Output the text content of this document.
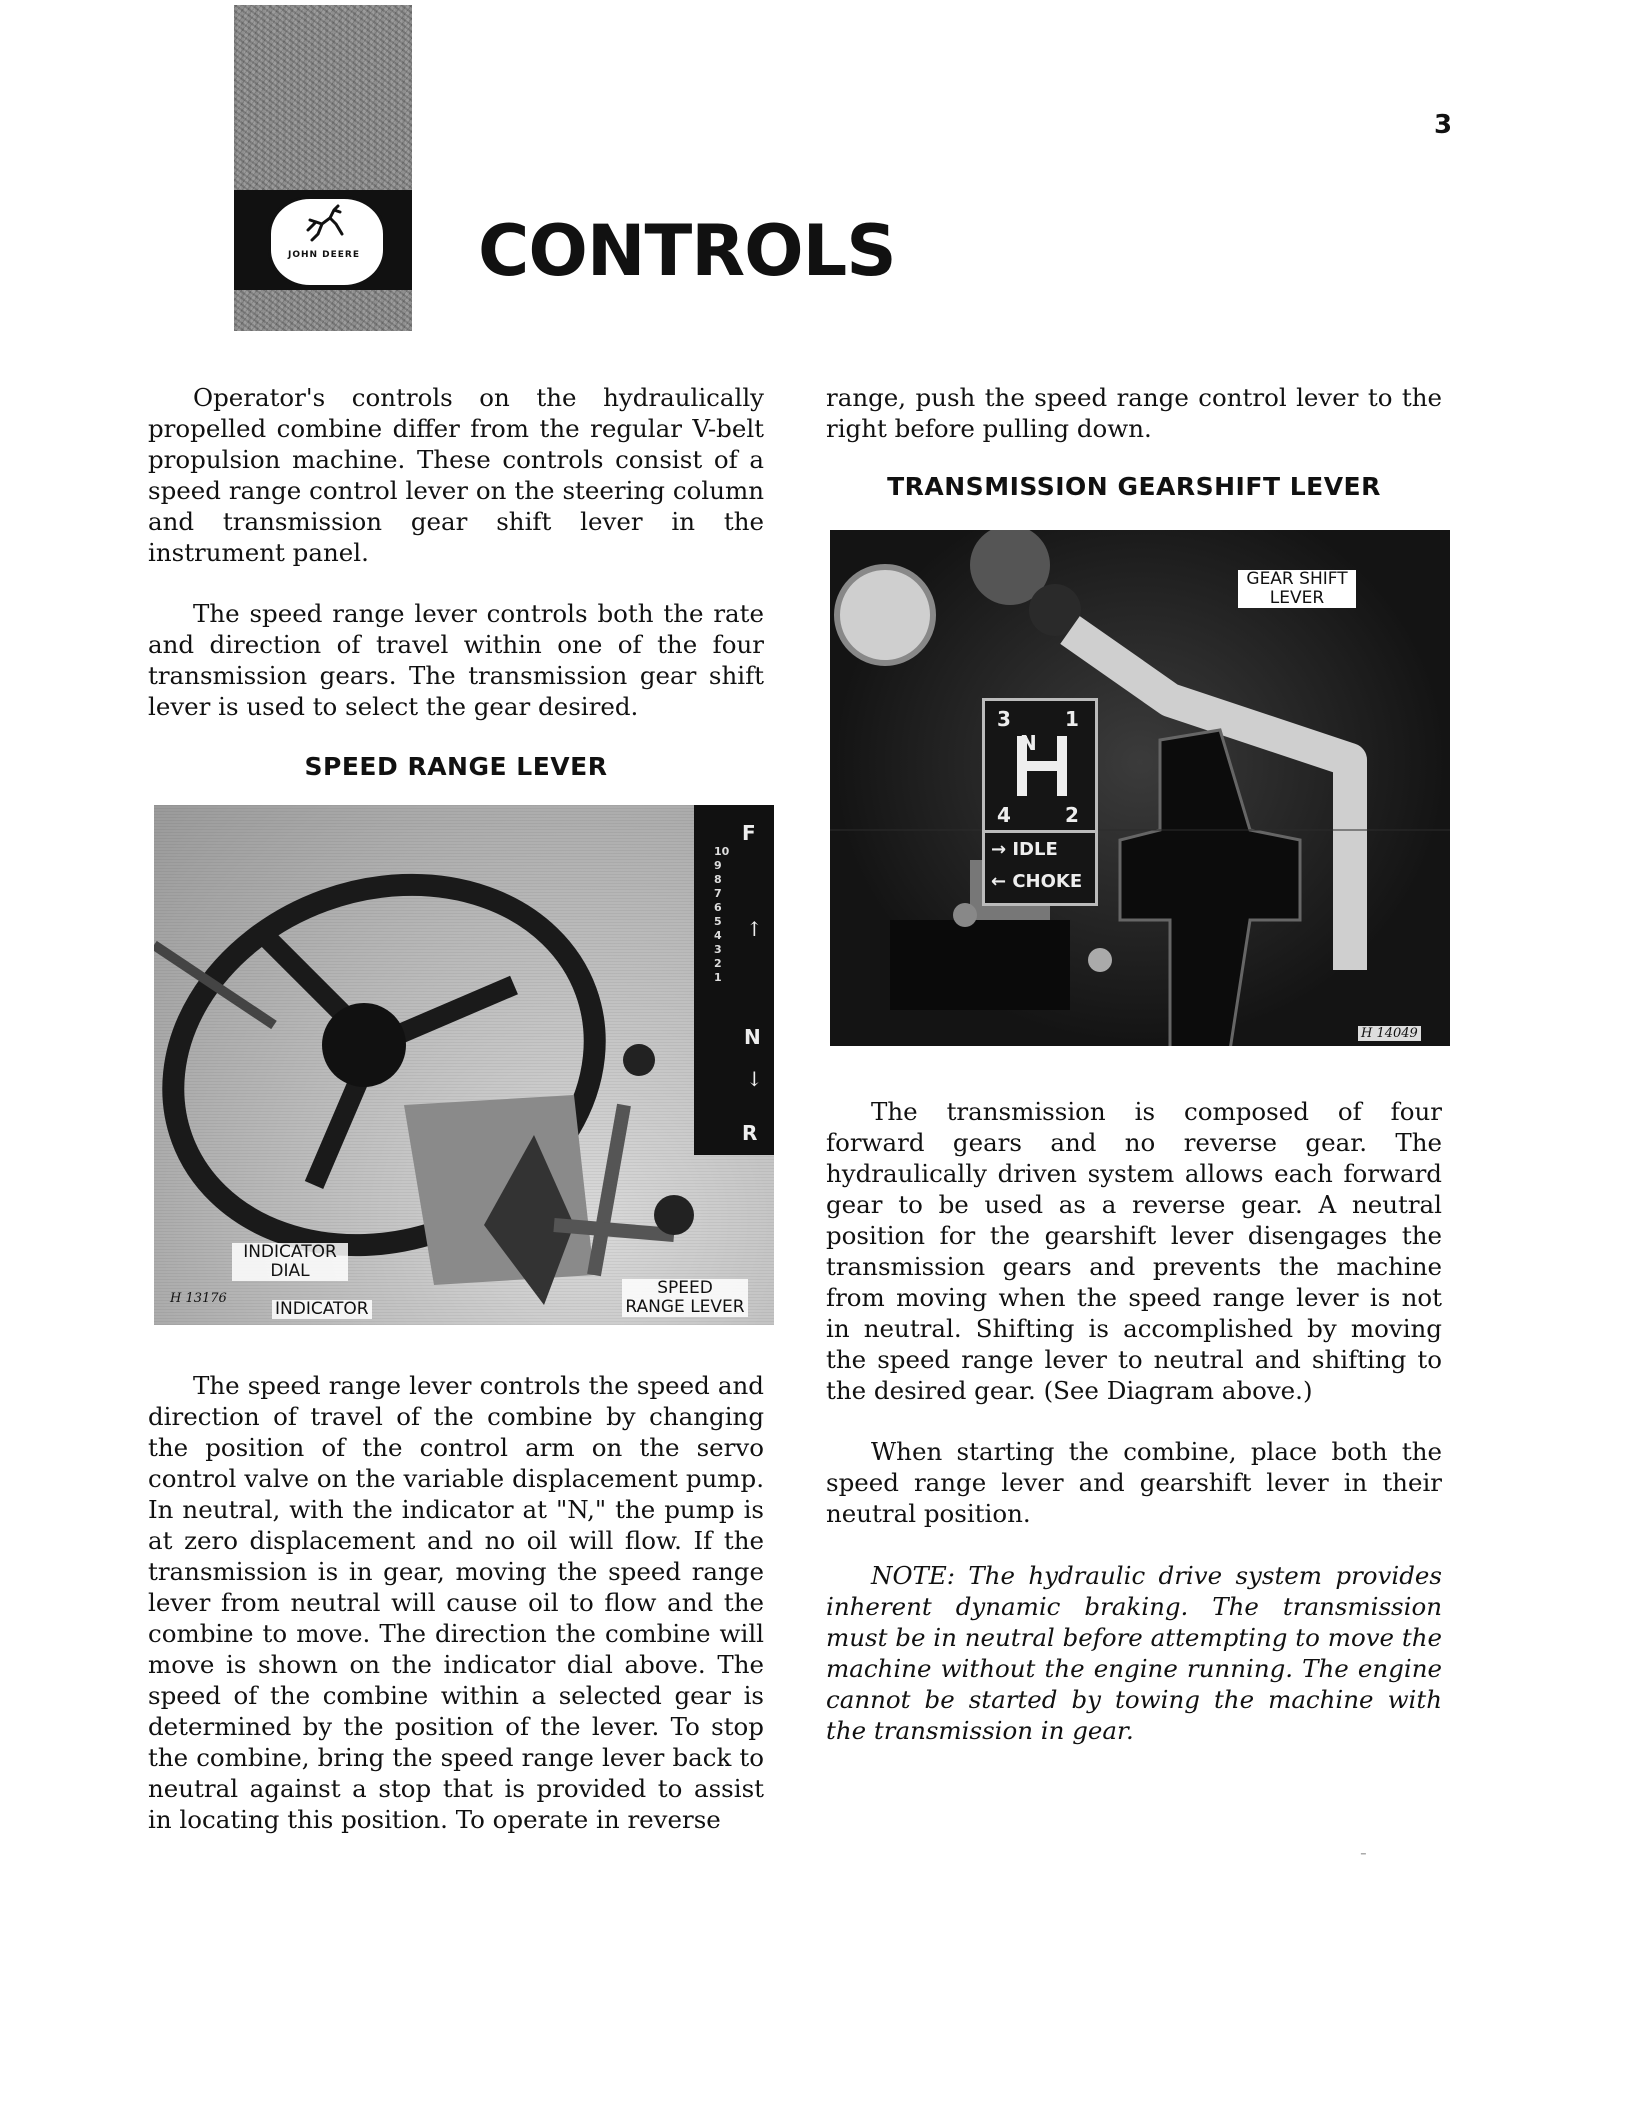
3
JOHN DEERE CONTROLS

Operator's controls on the hydraulically propelled combine differ from the regular V-belt propulsion machine. These controls consist of a speed range control lever on the steering column and transmission gear shift lever in the instrument panel.

The speed range lever controls both the rate and direction of travel within one of the four transmission gears. The transmission gear shift lever is used to select the gear desired.

SPEED RANGE LEVER
F
10
9
8
7
6
5
4
3
2
1
↑
N
↓
R
INDICATOR DIAL
INDICATOR
SPEED RANGE LEVER
H 13176

The speed range lever controls the speed and direction of travel of the combine by changing the position of the control arm on the servo control valve on the variable displacement pump. In neutral, with the indicator at "N," the pump is at zero displacement and no oil will flow. If the transmission is in gear, moving the speed range lever from neutral will cause oil to flow and the combine to move. The direction the combine will move is shown on the indicator dial above. The speed of the combine within a selected gear is determined by the position of the lever. To stop the combine, bring the speed range lever back to neutral against a stop that is provided to assist in locating this position. To operate in reverse

range, push the speed range control lever to the right before pulling down.

TRANSMISSION GEARSHIFT LEVER
3	1
N
4	2
→ IDLE
← CHOKE
GEAR SHIFT LEVER
H 14049

The transmission is composed of four forward gears and no reverse gear. The hydraulically driven system allows each forward gear to be used as a reverse gear. A neutral position for the gearshift lever disengages the transmission gears and prevents the machine from moving when the speed range lever is not in neutral. Shifting is accomplished by moving the speed range lever to neutral and shifting to the desired gear. (See Diagram above.)

When starting the combine, place both the speed range lever and gearshift lever in their neutral position.

NOTE: The hydraulic drive system provides inherent dynamic braking. The transmission must be in neutral before attempting to move the machine without the engine running. The engine cannot be started by towing the machine with the transmission in gear.

-
